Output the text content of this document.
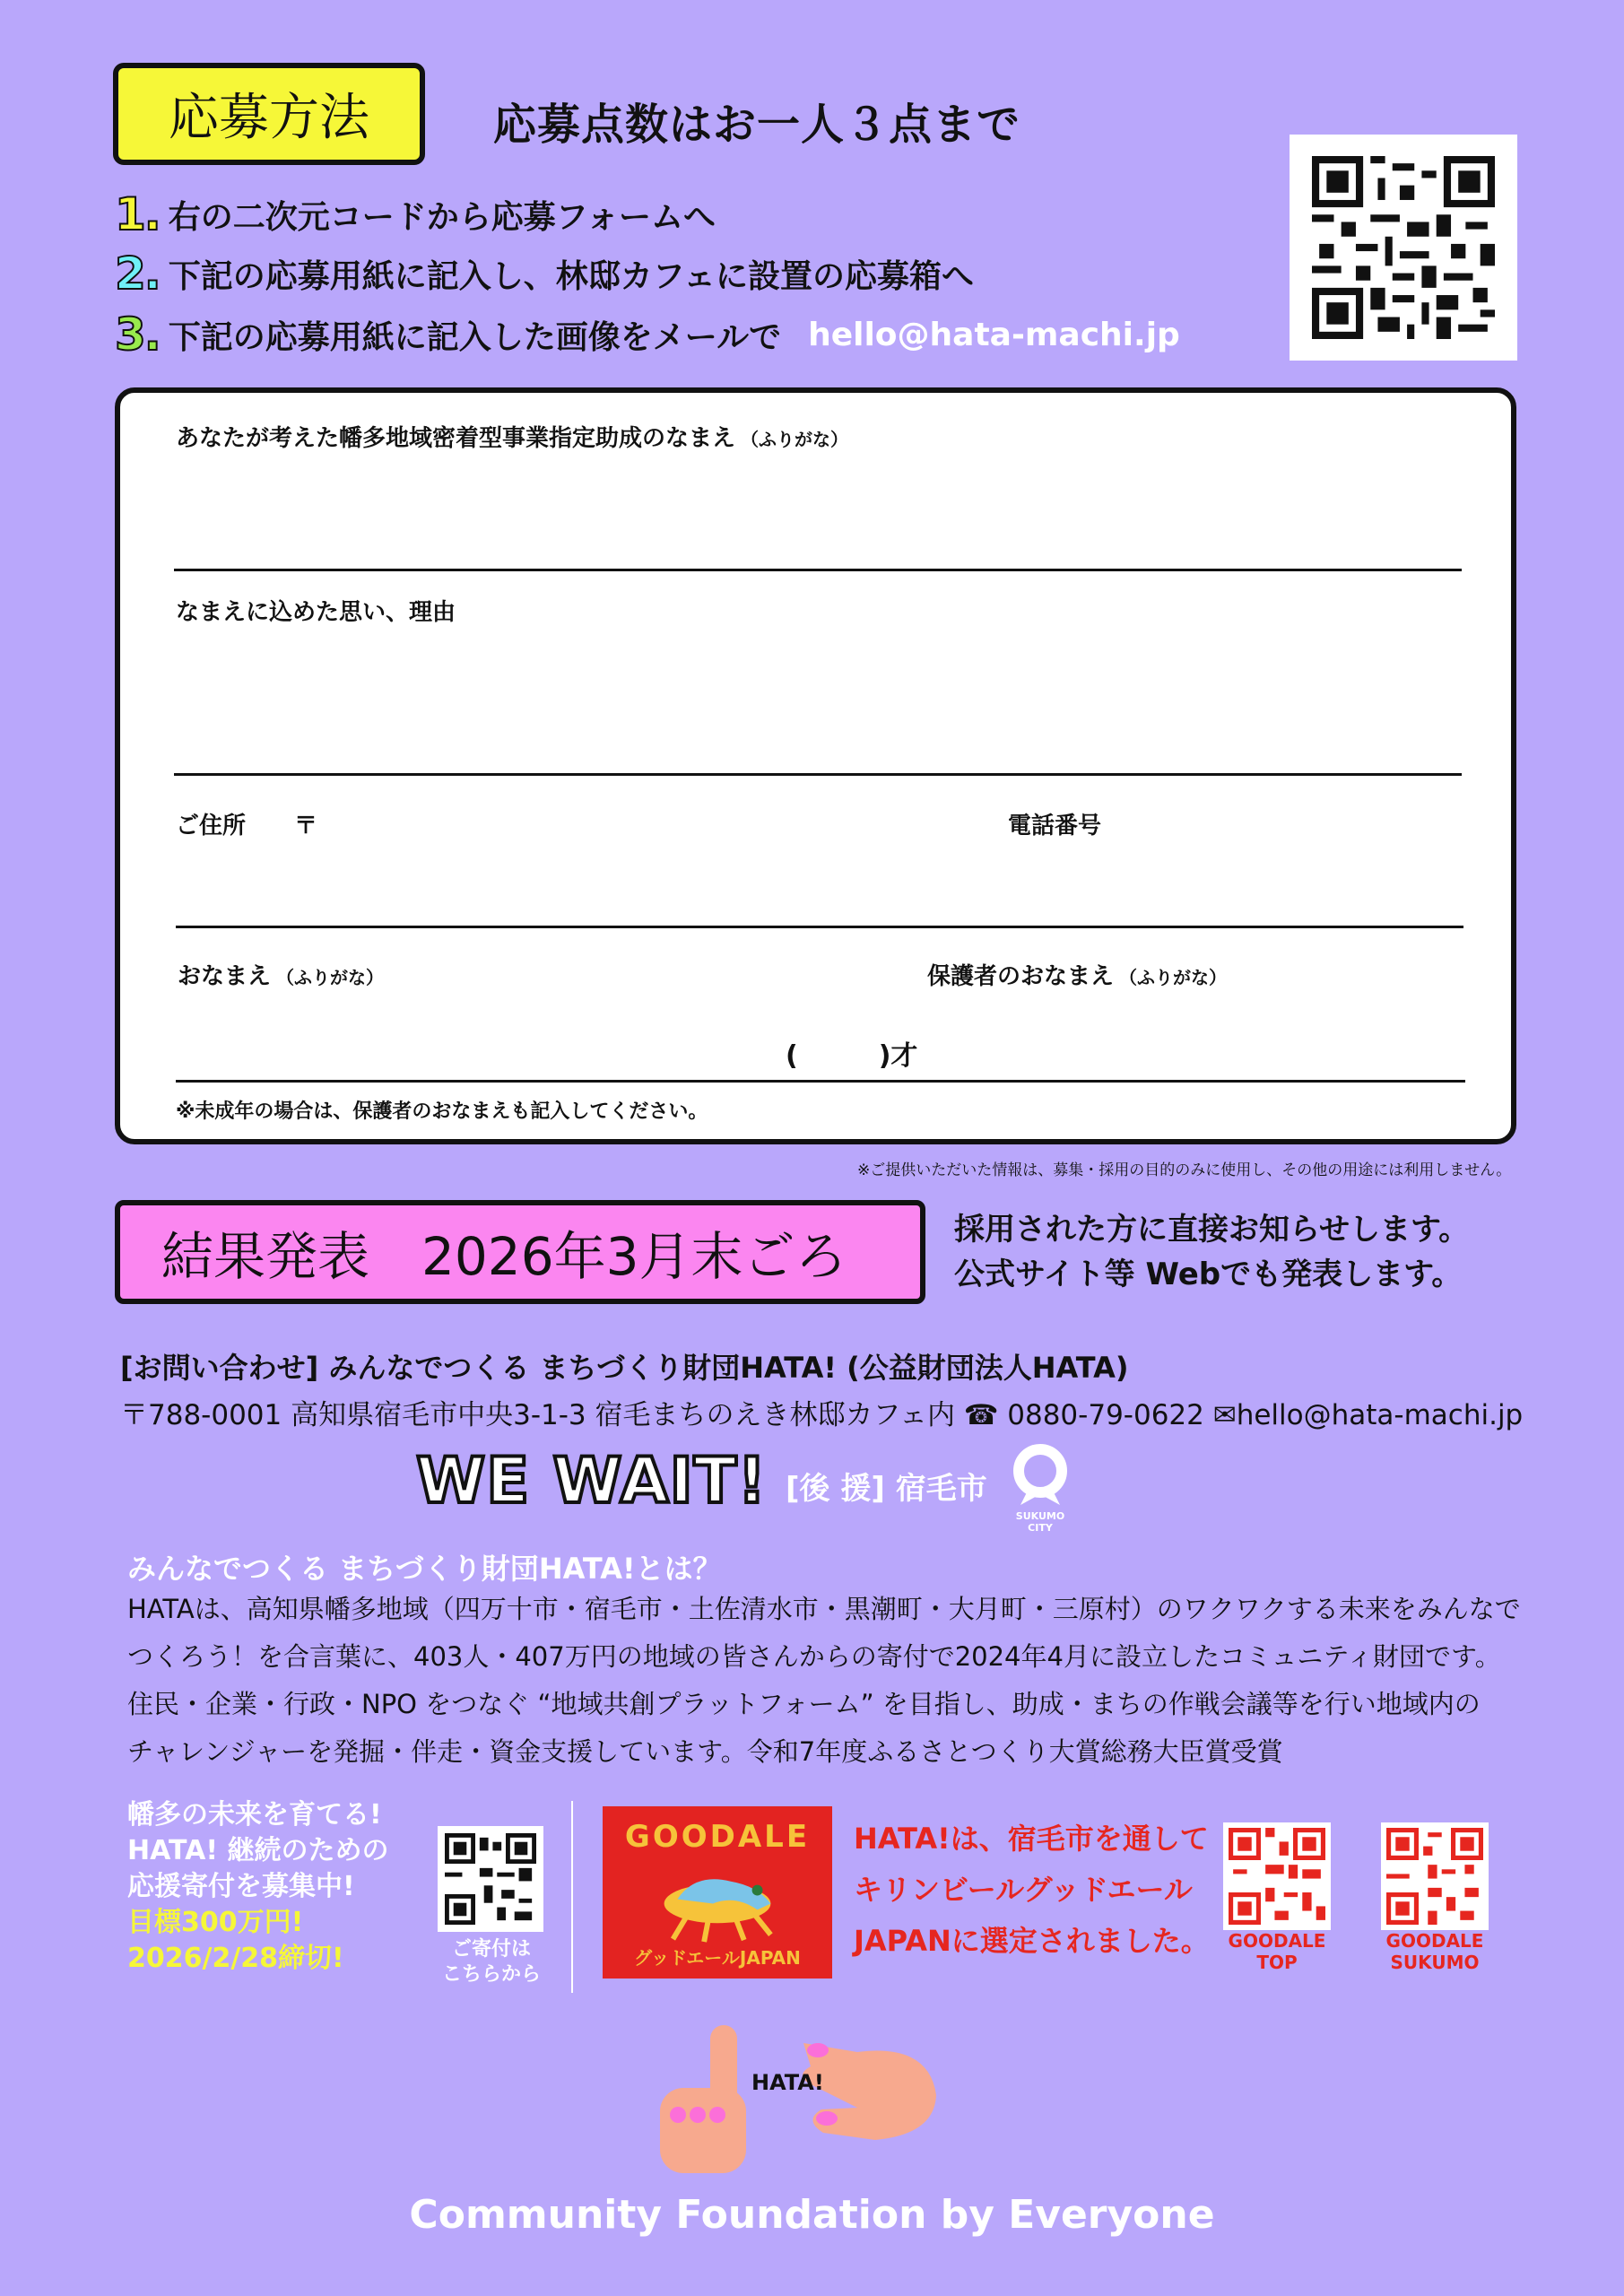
応募方法	応募点数はお一人３点まで
1. 右の二次元コードから応募フォームへ
2. 下記の応募用紙に記入し、林邸カフェに設置の応募箱へ
3. 下記の応募用紙に記入した画像をメールで hello@hata-machi.jp
あなたが考えた幡多地域密着型事業指定助成のなまえ （ふりがな）
なまえに込めた思い、理由
ご住所 〒	電話番号
おなまえ （ふりがな）	保護者のおなまえ （ふりがな）
(　　　)才
※未成年の場合は、保護者のおなまえも記入してください。
※ご提供いただいた情報は、募集・採用の目的のみに使用し、その他の用途には利用しません。
結果発表　2026年3月末ごろ	採用された方に直接お知らせします。
公式サイト等 Webでも発表します。
[お問い合わせ] みんなでつくる まちづくり財団HATA! (公益財団法人HATA)
〒788-0001 高知県宿毛市中央3-1-3 宿毛まちのえき林邸カフェ内 ☎ 0880-79-0622 ✉hello@hata-machi.jp
WE WAIT! [後 援] 宿毛市
SUKUMO CITY
みんなでつくる まちづくり財団HATA!とは？
HATAは、高知県幡多地域（四万十市・宿毛市・土佐清水市・黒潮町・大月町・三原村）のワクワクする未来をみんなで
つくろう！を合言葉に、403人・407万円の地域の皆さんからの寄付で2024年4月に設立したコミュニティ財団です。
住民・企業・行政・NPO をつなぐ “地域共創プラットフォーム” を目指し、助成・まちの作戦会議等を行い地域内の
チャレンジャーを発掘・伴走・資金支援しています。令和7年度ふるさとつくり大賞総務大臣賞受賞
幡多の未来を育てる!
HATA! 継続のための
応援寄付を募集中!
目標300万円!
2026/2/28締切!	ご寄付は
こちらから
GOODALE
グッドエールJAPAN
HATA!は、宿毛市を通して
キリンビールグッドエール
JAPANに選定されました。 GOODALE
TOP
GOODALE
SUKUMO
HATA!
Community Foundation by Everyone
